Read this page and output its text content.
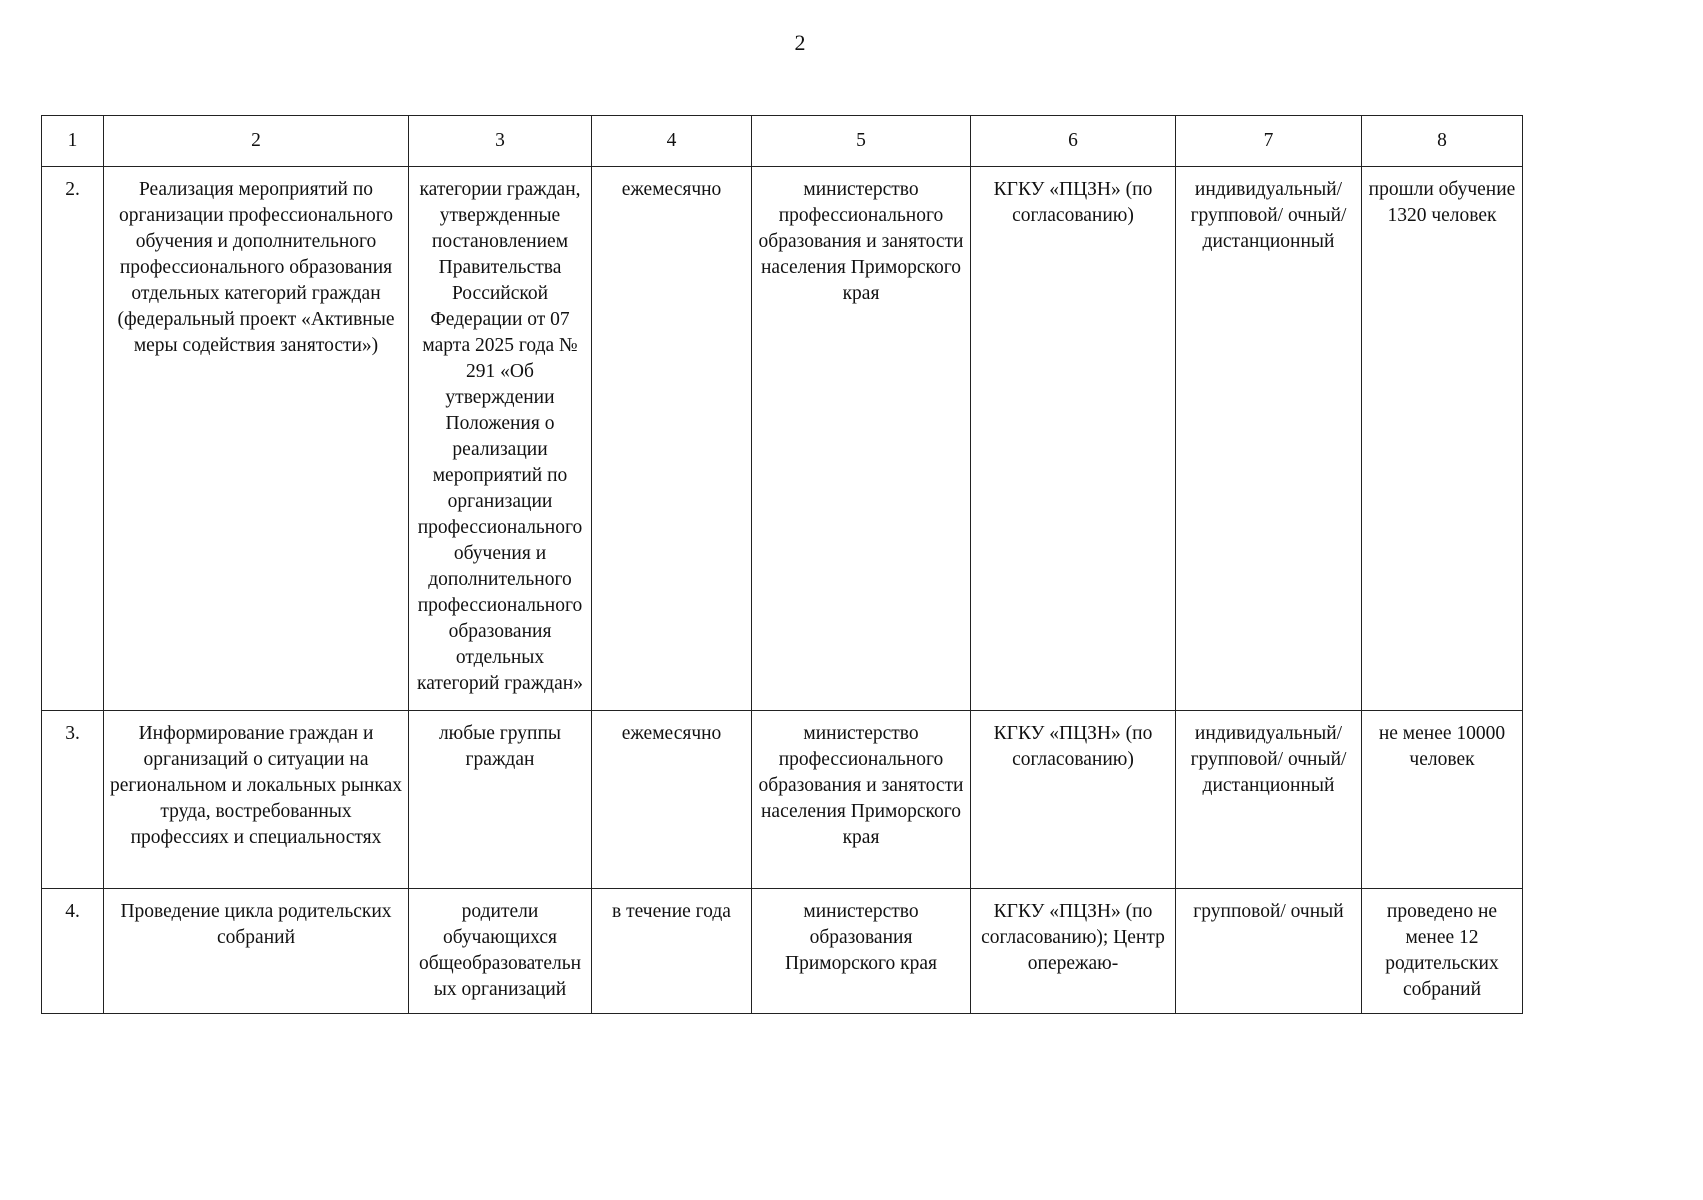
2
1	2	3	4	5	6	7	8
2.	Реализация мероприятий по организации профессионального обучения и дополнительного профессионального образования отдельных категорий граждан (федеральный проект «Активные меры содействия занятости»)	категории граждан, утвержденные постановлением Правительства Российской Федерации от 07 марта 2025 года № 291 «Об утверждении Положения о реализации мероприятий по организации профессионального обучения и дополнительного профессионального образования отдельных категорий граждан»	ежемесячно	министерство профессионального образования и занятости населения Приморского края	КГКУ «ПЦЗН» (по согласованию)	индивидуальный/ групповой/ очный/ дистанционный	прошли обучение 1320 человек
3.	Информирование граждан и организаций о ситуации на региональном и локальных рынках труда, востребованных профессиях и специальностях	любые группы граждан	ежемесячно	министерство профессионального образования и занятости населения Приморского края	КГКУ «ПЦЗН» (по согласованию)	индивидуальный/ групповой/ очный/ дистанционный	не менее 10000 человек
4.	Проведение цикла родительских собраний	родители обучающихся общеобразовательных организаций	в течение года	министерство образования Приморского края	КГКУ «ПЦЗН» (по согласованию); Центр опережаю-	групповой/ очный	проведено не менее 12 родительских собраний
